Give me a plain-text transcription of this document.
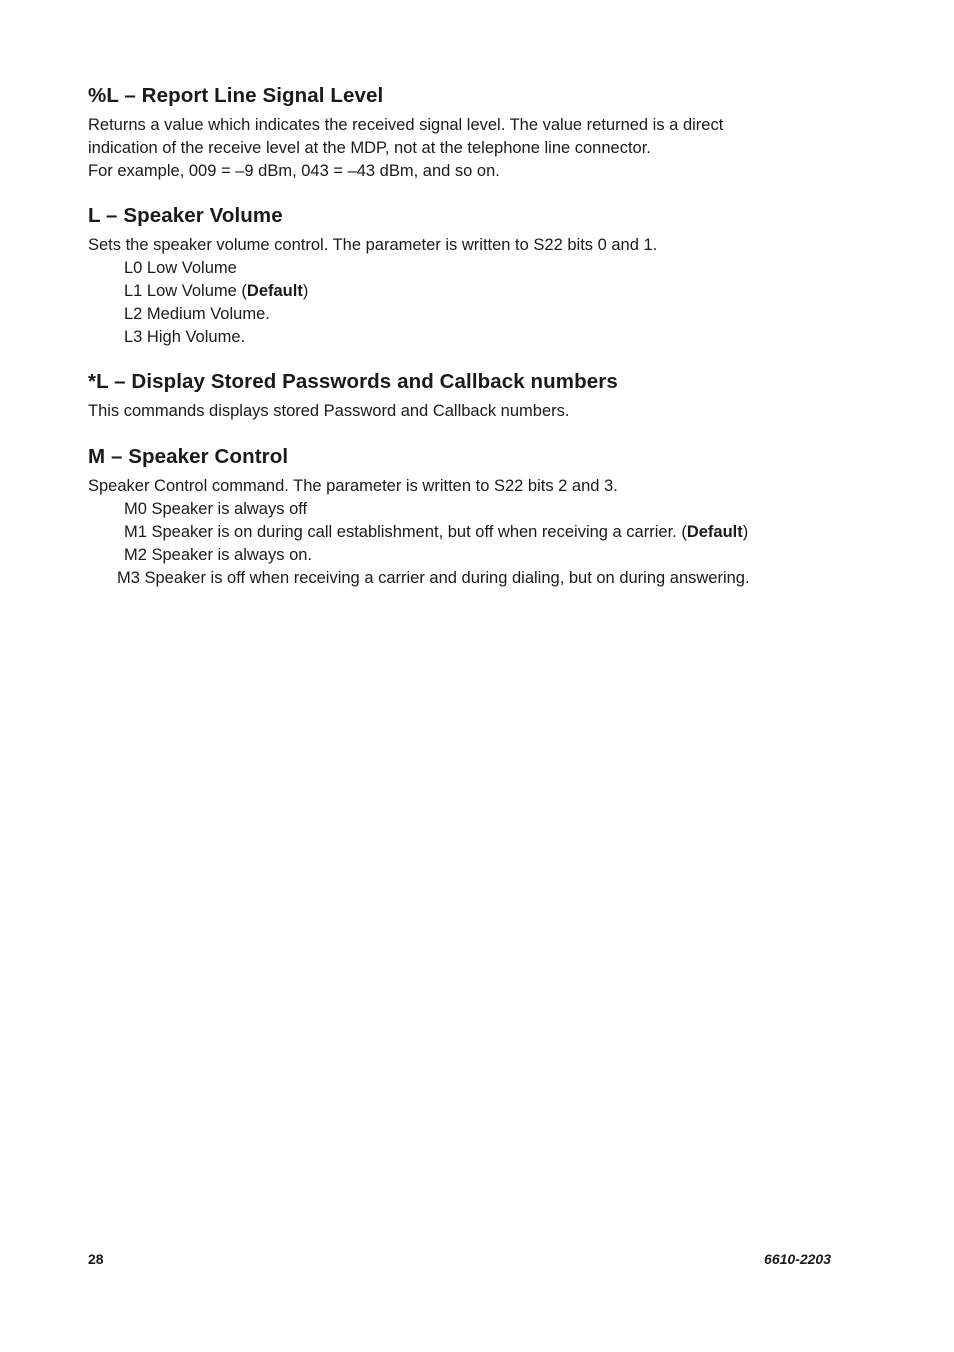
%L – Report Line Signal Level
Returns a value which indicates the received signal level. The value returned is a direct
indication of the receive level at the MDP, not at the telephone line connector.
For example, 009 = –9 dBm, 043 = –43 dBm, and so on.
L – Speaker Volume
Sets the speaker volume control. The parameter is written to S22 bits 0 and 1.
L0 Low Volume
L1 Low Volume (Default)
L2 Medium Volume.
L3 High Volume.
*L – Display Stored Passwords and Callback numbers
This commands displays stored Password and Callback numbers.
M – Speaker Control
Speaker Control command. The parameter is written to S22 bits 2 and 3.
M0 Speaker is always off
M1 Speaker is on during call establishment, but off when receiving a carrier. (Default)
M2 Speaker is always on.
M3 Speaker is off when receiving a carrier and during dialing, but on during answering.
28	6610-2203
